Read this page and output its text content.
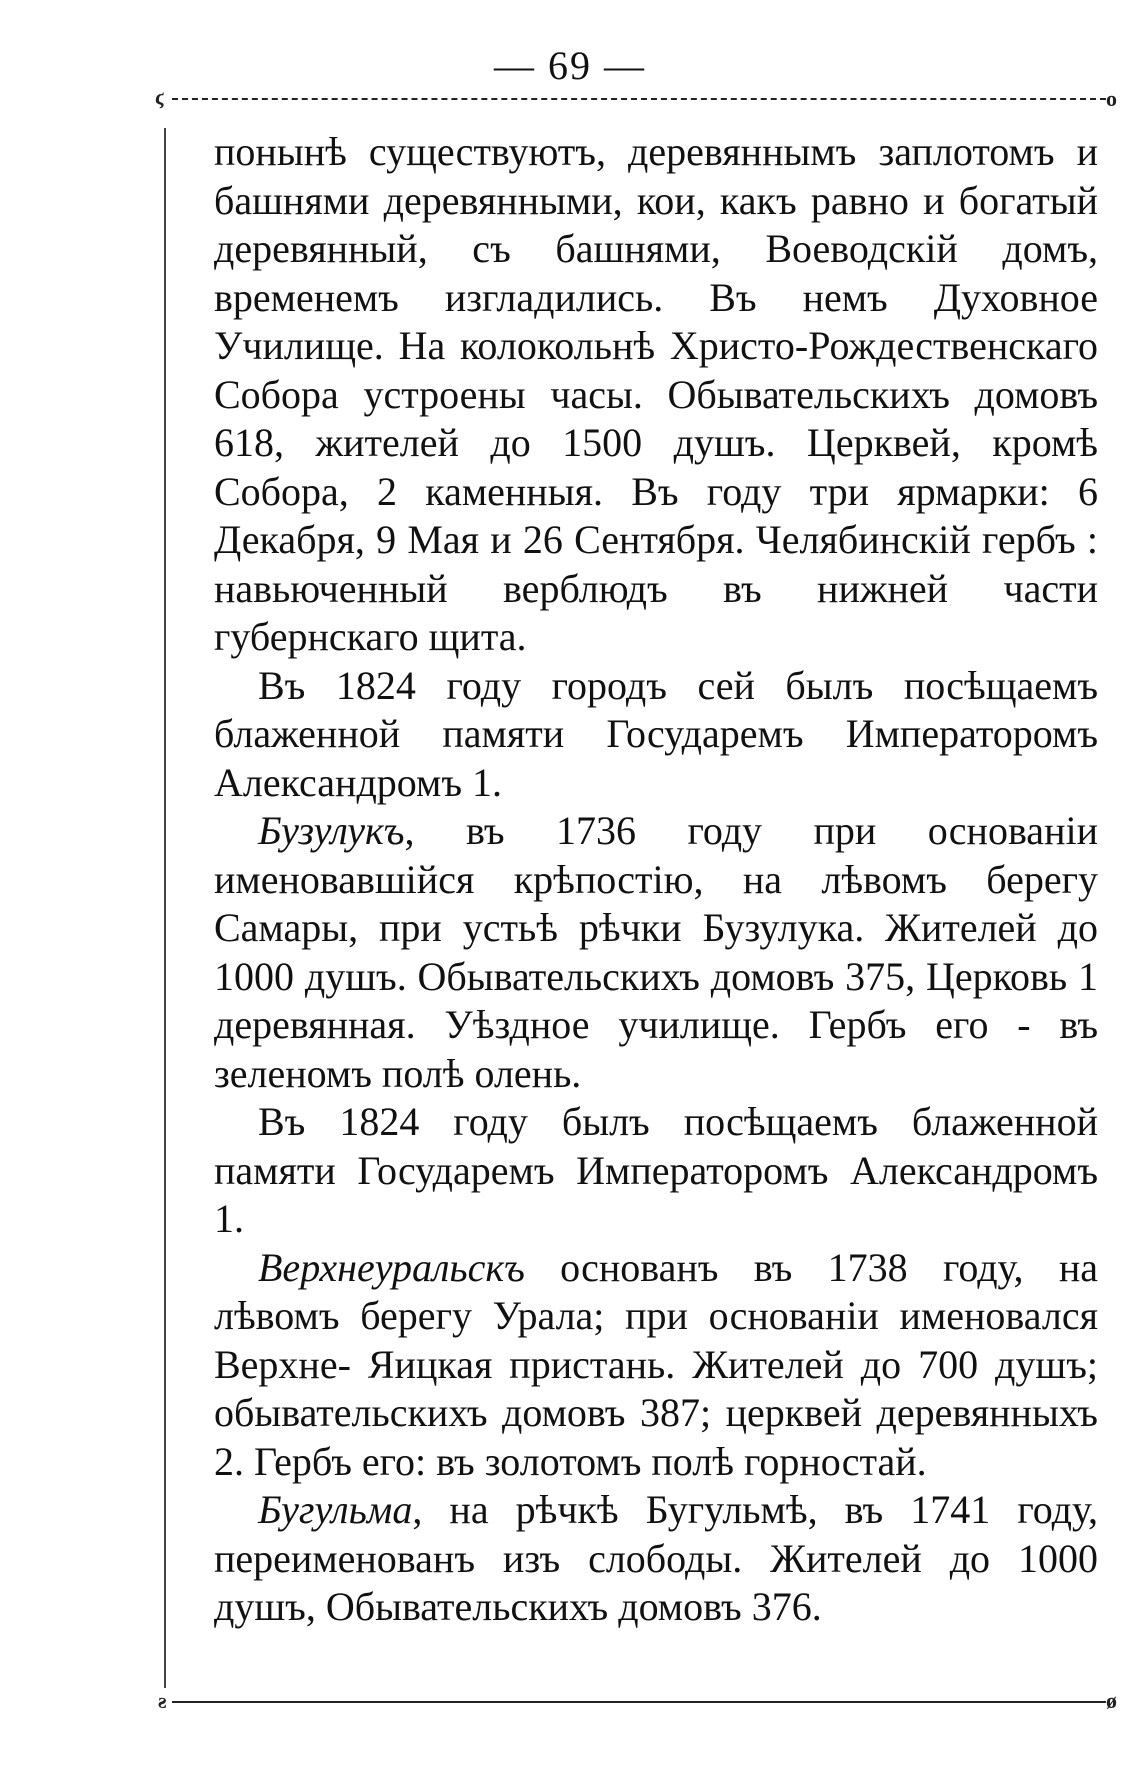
— 69 —
ϛ	o

понынѣ существуютъ, деревяннымъ заплотомъ и башнями деревянными, кои, какъ равно и богатый деревянный, съ башнями, Воеводскій домъ, временемъ изгладились. Въ немъ Духовное Училище. На колокольнѣ Христо-Рождественскаго Собора устроены часы. Обывательскихъ домовъ 618, жителей до 1500 душъ. Церквей, кромѣ Собора, 2 каменныя. Въ году три ярмарки: 6 Декабря, 9 Мая и 26 Сентября. Челябинскій гербъ : навьюченный верблюдъ въ нижней части губернскаго щита.

Въ 1824 году городъ сей былъ посѣщаемъ блаженной памяти Государемъ Императоромъ Александромъ 1.

Бузулукъ, въ 1736 году при основаніи именовавшійся крѣпостію, на лѣвомъ берегу Самары, при устьѣ рѣчки Бузулука. Жителей до 1000 душъ. Обывательскихъ домовъ 375, Церковь 1 деревянная. Уѣздное училище. Гербъ его - въ зеленомъ полѣ олень.

Въ 1824 году былъ посѣщаемъ блаженной памяти Государемъ Императоромъ Александромъ 1.

Верхнеуральскъ основанъ въ 1738 году, на лѣвомъ берегу Урала; при основаніи именовался Верхне- Яицкая пристань. Жителей до 700 душъ; обывательскихъ домовъ 387; церквей деревянныхъ 2. Гербъ его: въ золотомъ полѣ горностай.

Бугульма, на рѣчкѣ Бугульмѣ, въ 1741 году, переименованъ изъ слободы. Жителей до 1000 душъ, Обывательскихъ домовъ 376.

ƨ	ø
